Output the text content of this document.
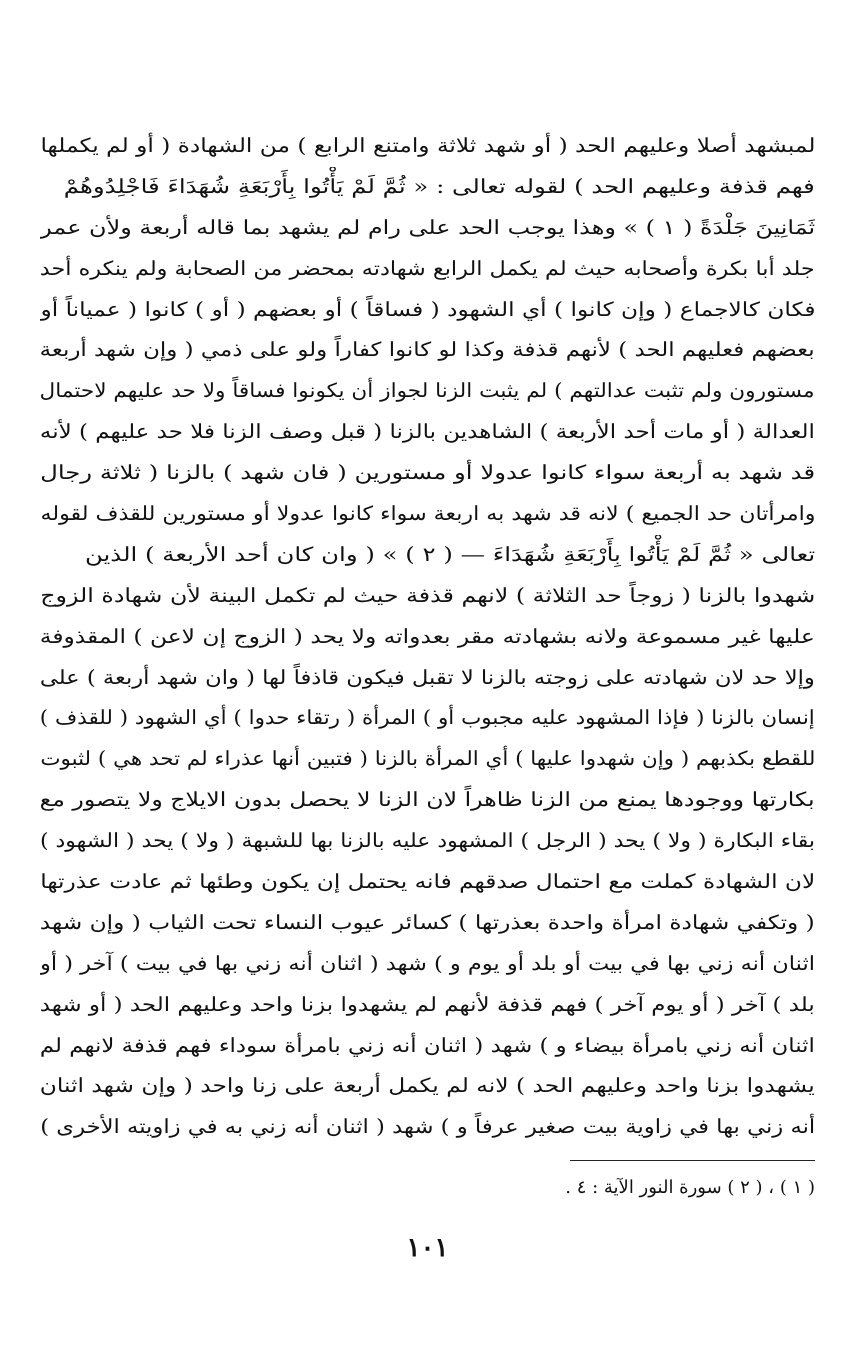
لمبشهد أصلا وعليهم الحد ( أو شهد ثلاثة وامتنع الرابع ) من الشهادة ( أو لم يكملها
فهم قذفة وعليهم الحد ) لقوله تعالى : « ثُمَّ لَمْ يَأْتُوا بِأَرْبَعَةِ شُهَدَاءَ فَاجْلِدُوهُمْ
ثَمَانِينَ جَلْدَةً ( ١ ) » وهذا يوجب الحد على رام لم يشهد بما قاله أربعة ولأن عمر
جلد أبا بكرة وأصحابه حيث لم يكمل الرابع شهادته بمحضر من الصحابة ولم ينكره أحد
فكان كالاجماع ( وإن كانوا ) أي الشهود ( فساقاً ) أو بعضهم ( أو ) كانوا ( عمياناً أو
بعضهم فعليهم الحد ) لأنهم قذفة وكذا لو كانوا كفاراً ولو على ذمي ( وإن شهد أربعة
مستورون ولم تثبت عدالتهم ) لم يثبت الزنا لجواز أن يكونوا فساقاً ولا حد عليهم لاحتمال
العدالة ( أو مات أحد الأربعة ) الشاهدين بالزنا ( قبل وصف الزنا فلا حد عليهم ) لأنه
قد شهد به أربعة سواء كانوا عدولا أو مستورين ( فان شهد ) بالزنا ( ثلاثة رجال
وامرأتان حد الجميع ) لانه قد شهد به اربعة سواء كانوا عدولا أو مستورين للقذف لقوله
تعالى « ثُمَّ لَمْ يَأْتُوا بِأَرْبَعَةِ شُهَدَاءَ — ( ٢ ) » ( وان كان أحد الأربعة ) الذين
شهدوا بالزنا ( زوجاً حد الثلاثة ) لانهم قذفة حيث لم تكمل البينة لأن شهادة الزوج
عليها غير مسموعة ولانه بشهادته مقر بعدواته ولا يحد ( الزوج إن لاعن ) المقذوفة
وإلا حد لان شهادته على زوجته بالزنا لا تقبل فيكون قاذفاً لها ( وان شهد أربعة ) على
إنسان بالزنا ( فإذا المشهود عليه مجبوب أو ) المرأة ( رتقاء حدوا ) أي الشهود ( للقذف )
للقطع بكذبهم ( وإن شهدوا عليها ) أي المرأة بالزنا ( فتبين أنها عذراء لم تحد هي ) لثبوت
بكارتها ووجودها يمنع من الزنا ظاهراً لان الزنا لا يحصل بدون الايلاج ولا يتصور مع
بقاء البكارة ( ولا ) يحد ( الرجل ) المشهود عليه بالزنا بها للشبهة ( ولا ) يحد ( الشهود )
لان الشهادة كملت مع احتمال صدقهم فانه يحتمل إن يكون وطئها ثم عادت عذرتها
( وتكفي شهادة امرأة واحدة بعذرتها ) كسائر عيوب النساء تحت الثياب ( وإن شهد
اثنان أنه زني بها في بيت أو بلد أو يوم و ) شهد ( اثنان أنه زني بها في بيت ) آخر ( أو
بلد ) آخر ( أو يوم آخر ) فهم قذفة لأنهم لم يشهدوا بزنا واحد وعليهم الحد ( أو شهد
اثنان أنه زني بامرأة بيضاء و ) شهد ( اثنان أنه زني بامرأة سوداء فهم قذفة لانهم لم
يشهدوا بزنا واحد وعليهم الحد ) لانه لم يكمل أربعة على زنا واحد ( وإن شهد اثنان
أنه زني بها في زاوية بيت صغير عرفاً و ) شهد ( اثنان أنه زني به في زاويته الأخرى )
( ١ ) ، ( ٢ ) سورة النور الآية : ٤ .
١٠١
